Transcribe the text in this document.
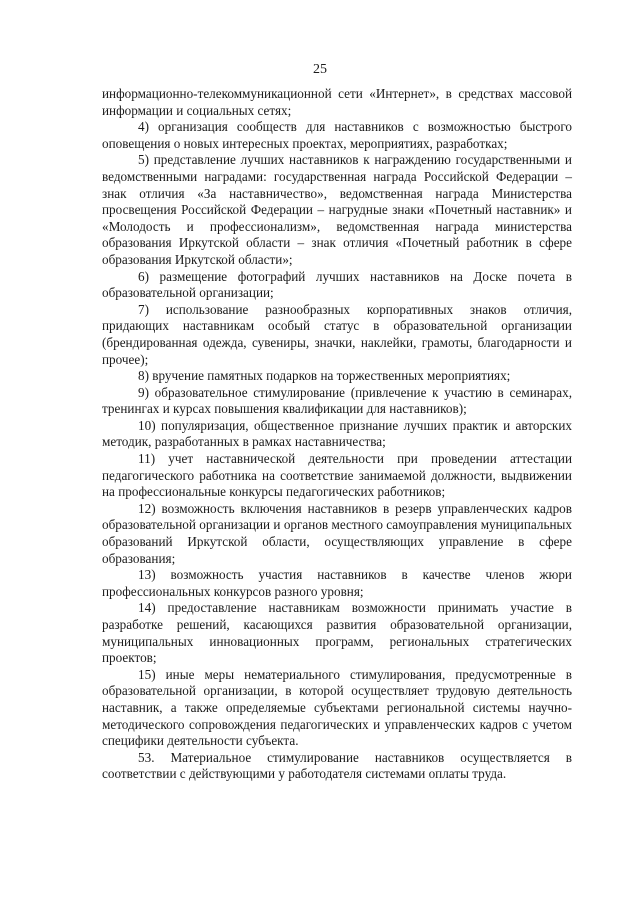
25

информационно-телекоммуникационной сети «Интернет», в средствах массовой информации и социальных сетях;

4) организация сообществ для наставников с возможностью быстрого оповещения о новых интересных проектах, мероприятиях, разработках;

5) представление лучших наставников к награждению государственными и ведомственными наградами: государственная награда Российской Федерации – знак отличия «За наставничество», ведомственная награда Министерства просвещения Российской Федерации – нагрудные знаки «Почетный наставник» и «Молодость и профессионализм», ведомственная награда министерства образования Иркутской области – знак отличия «Почетный работник в сфере образования Иркутской области»;

6) размещение фотографий лучших наставников на Доске почета в образовательной организации;

7) использование разнообразных корпоративных знаков отличия, придающих наставникам особый статус в образовательной организации (брендированная одежда, сувениры, значки, наклейки, грамоты, благодарности и прочее);

8) вручение памятных подарков на торжественных мероприятиях;

9) образовательное стимулирование (привлечение к участию в семинарах, тренингах и курсах повышения квалификации для наставников);

10) популяризация, общественное признание лучших практик и авторских методик, разработанных в рамках наставничества;

11) учет наставнической деятельности при проведении аттестации педагогического работника на соответствие занимаемой должности, выдвижении на профессиональные конкурсы педагогических работников;

12) возможность включения наставников в резерв управленческих кадров образовательной организации и органов местного самоуправления муниципальных образований Иркутской области, осуществляющих управление в сфере образования;

13) возможность участия наставников в качестве членов жюри профессиональных конкурсов разного уровня;

14) предоставление наставникам возможности принимать участие в разработке решений, касающихся развития образовательной организации, муниципальных инновационных программ, региональных стратегических проектов;

15) иные меры нематериального стимулирования, предусмотренные в образовательной организации, в которой осуществляет трудовую деятельность наставник, а также определяемые субъектами региональной системы научно-методического сопровождения педагогических и управленческих кадров с учетом специфики деятельности субъекта.

53. Материальное стимулирование наставников осуществляется в соответствии с действующими у работодателя системами оплаты труда.
